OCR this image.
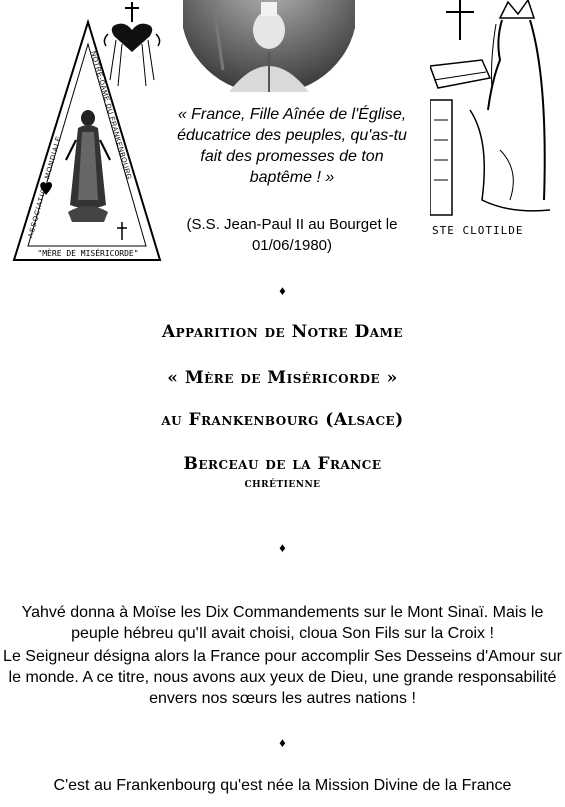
ASSOCIATION MONDIALE
NOTRE-DAME DU FRANKENBOURG
"MÈRE DE MISÉRICORDE"
STE CLOTILDE
« France, Fille Aînée de l'Église, éducatrice des peuples, qu'as-tu fait des promesses de ton baptême ! »
(S.S. Jean-Paul II au Bourget le 01/06/1980)
♦
Apparition de Notre Dame
« Mère de Miséricorde »
au Frankenbourg (Alsace)
Berceau de la France
chrétienne
♦
Yahvé donna à Moïse les Dix Commandements sur le Mont Sinaï. Mais le peuple hébreu qu'Il avait choisi, cloua Son Fils sur la Croix !
Le Seigneur désigna alors la France pour accomplir Ses Desseins d'Amour sur le monde. A ce titre, nous avons aux yeux de Dieu, une grande responsabilité envers nos sœurs les autres nations !
♦
C'est au Frankenbourg qu'est née la Mission Divine de la France
